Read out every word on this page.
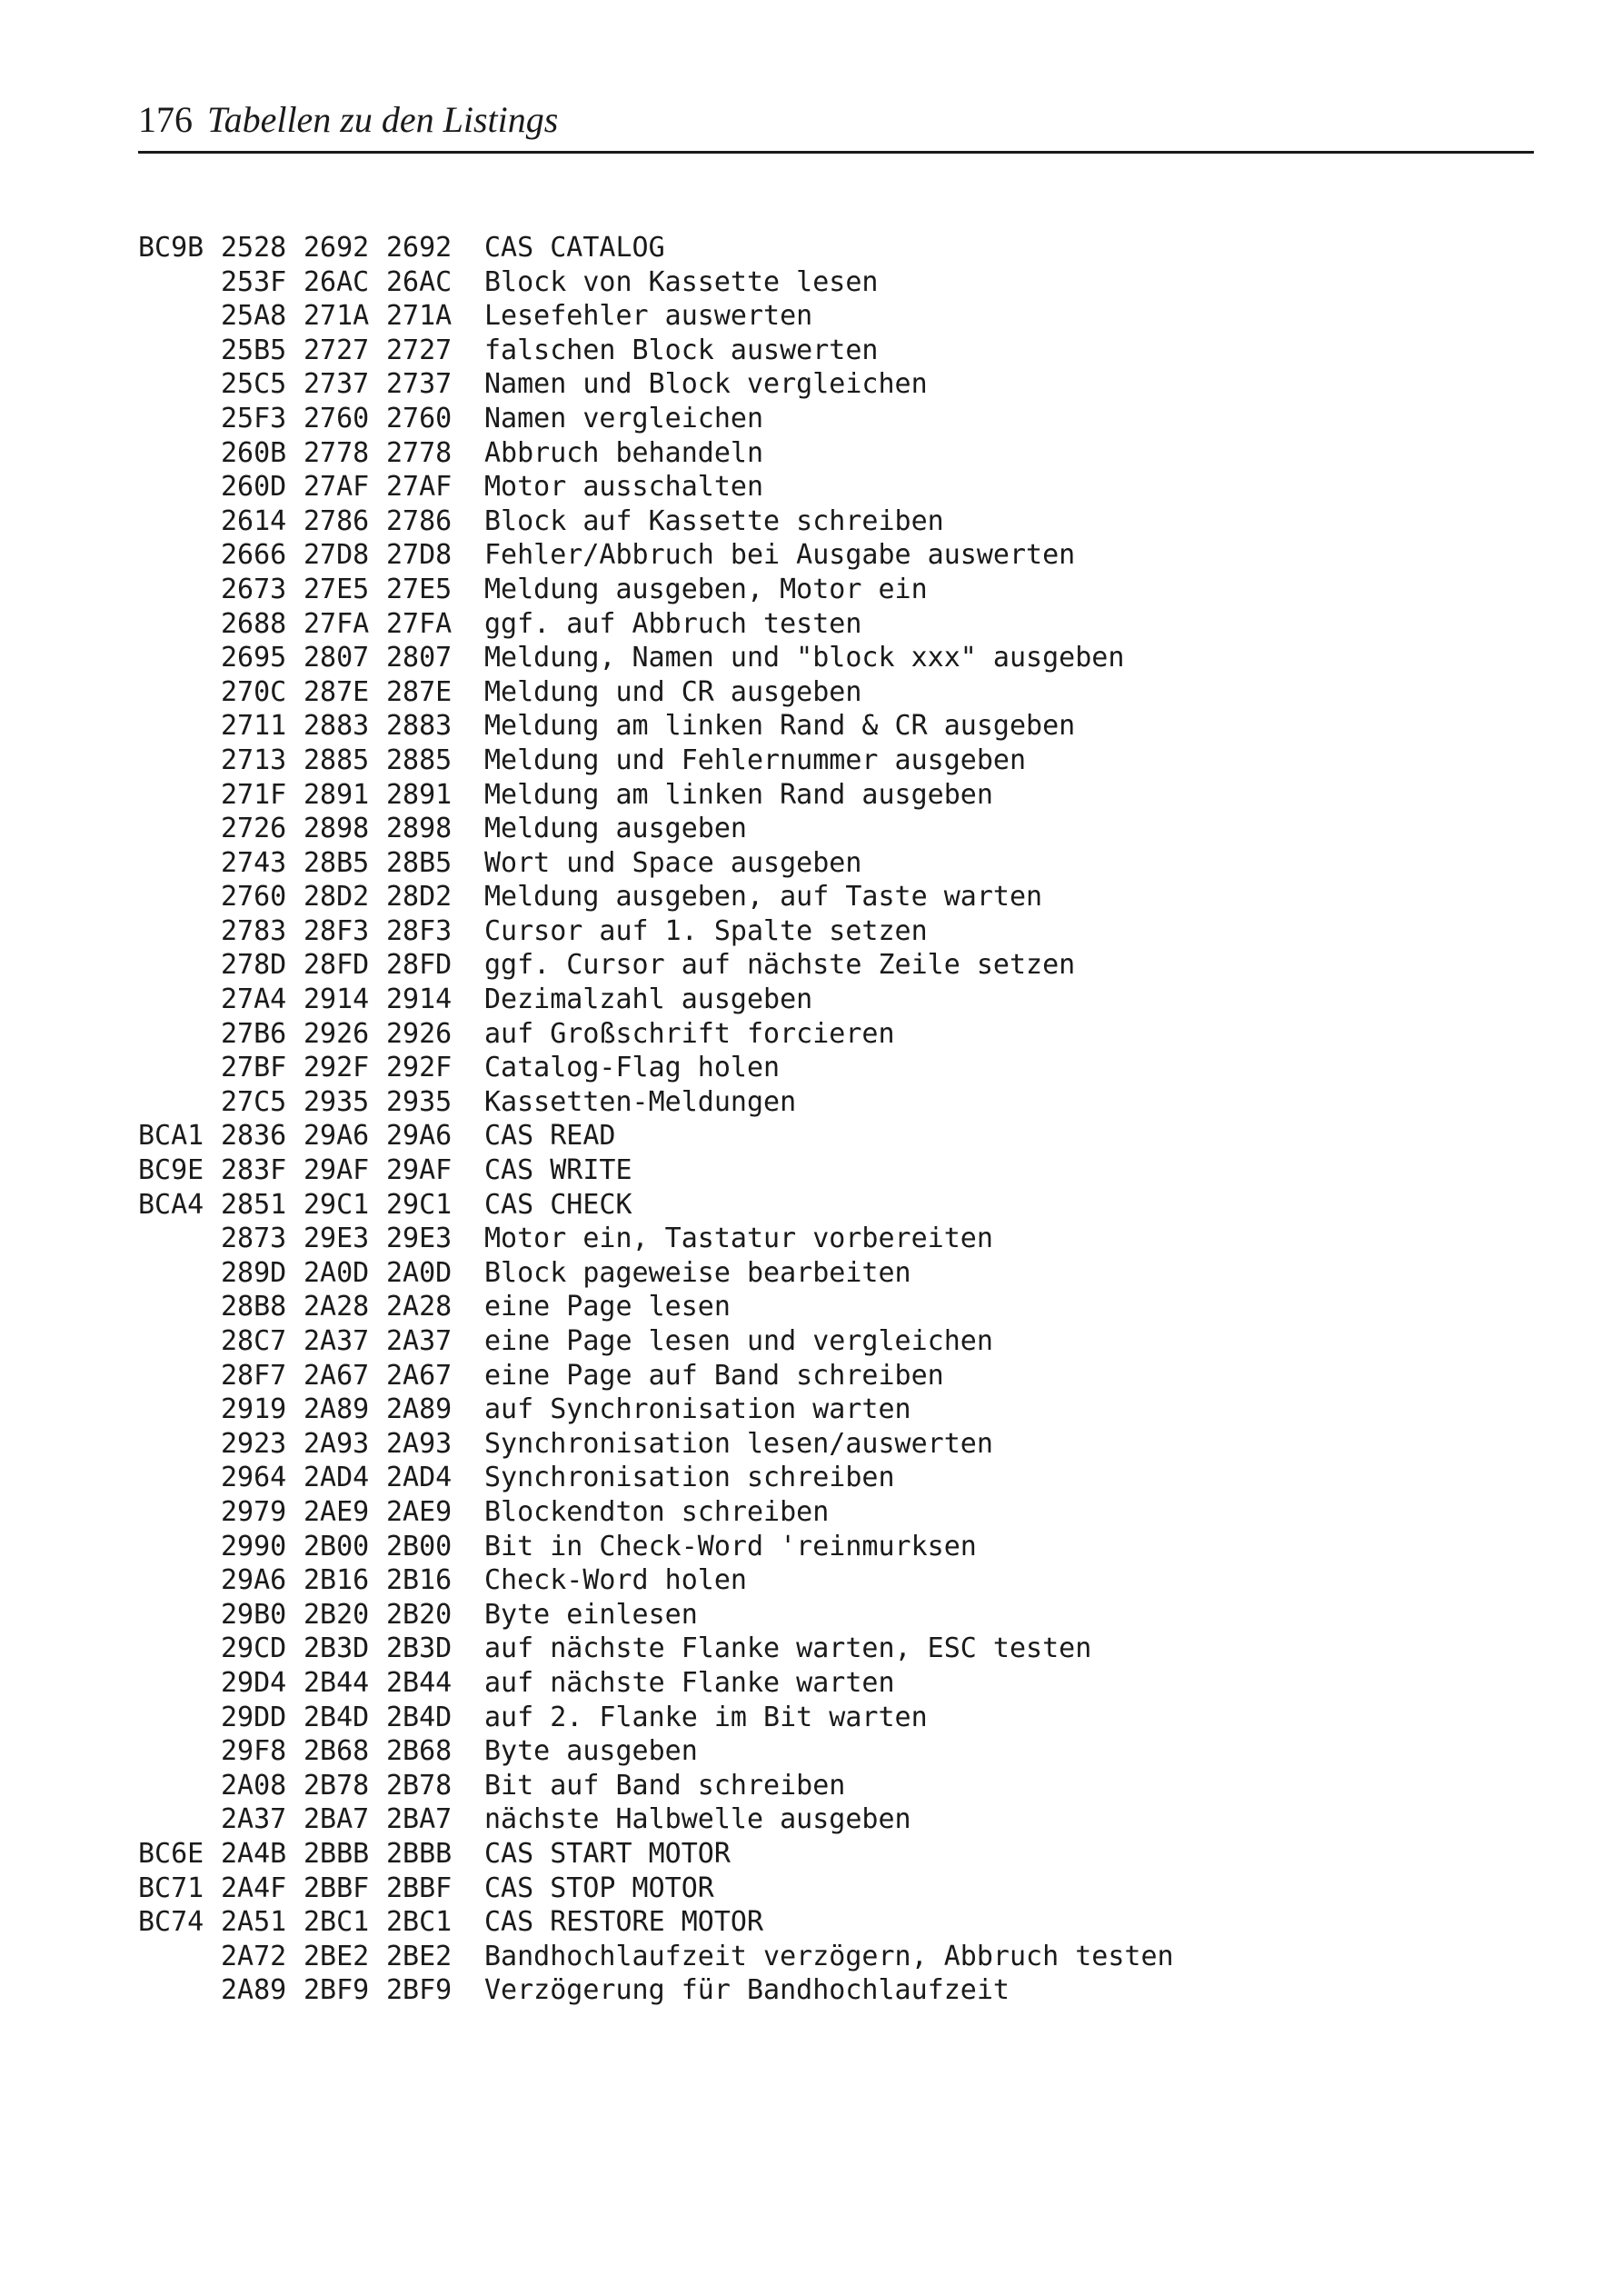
176 Tabellen zu den Listings
BC9B 2528 2692 2692 CAS CATALOG
253F 26AC 26AC Block von Kassette lesen
25A8 271A 271A Lesefehler auswerten
25B5 2727 2727 falschen Block auswerten
25C5 2737 2737 Namen und Block vergleichen
25F3 2760 2760 Namen vergleichen
260B 2778 2778 Abbruch behandeln
260D 27AF 27AF Motor ausschalten
2614 2786 2786 Block auf Kassette schreiben
2666 27D8 27D8 Fehler/Abbruch bei Ausgabe auswerten
2673 27E5 27E5 Meldung ausgeben, Motor ein
2688 27FA 27FA ggf. auf Abbruch testen
2695 2807 2807 Meldung, Namen und "block xxx" ausgeben
270C 287E 287E Meldung und CR ausgeben
2711 2883 2883 Meldung am linken Rand & CR ausgeben
2713 2885 2885 Meldung und Fehlernummer ausgeben
271F 2891 2891 Meldung am linken Rand ausgeben
2726 2898 2898 Meldung ausgeben
2743 28B5 28B5 Wort und Space ausgeben
2760 28D2 28D2 Meldung ausgeben, auf Taste warten
2783 28F3 28F3 Cursor auf 1. Spalte setzen
278D 28FD 28FD ggf. Cursor auf nächste Zeile setzen
27A4 2914 2914 Dezimalzahl ausgeben
27B6 2926 2926 auf Großschrift forcieren
27BF 292F 292F Catalog-Flag holen
27C5 2935 2935 Kassetten-Meldungen
BCA1 2836 29A6 29A6 CAS READ
BC9E 283F 29AF 29AF CAS WRITE
BCA4 2851 29C1 29C1 CAS CHECK
2873 29E3 29E3 Motor ein, Tastatur vorbereiten
289D 2A0D 2A0D Block pageweise bearbeiten
28B8 2A28 2A28 eine Page lesen
28C7 2A37 2A37 eine Page lesen und vergleichen
28F7 2A67 2A67 eine Page auf Band schreiben
2919 2A89 2A89 auf Synchronisation warten
2923 2A93 2A93 Synchronisation lesen/auswerten
2964 2AD4 2AD4 Synchronisation schreiben
2979 2AE9 2AE9 Blockendton schreiben
2990 2B00 2B00 Bit in Check-Word 'reinmurksen
29A6 2B16 2B16 Check-Word holen
29B0 2B20 2B20 Byte einlesen
29CD 2B3D 2B3D auf nächste Flanke warten, ESC testen
29D4 2B44 2B44 auf nächste Flanke warten
29DD 2B4D 2B4D auf 2. Flanke im Bit warten
29F8 2B68 2B68 Byte ausgeben
2A08 2B78 2B78 Bit auf Band schreiben
2A37 2BA7 2BA7 nächste Halbwelle ausgeben
BC6E 2A4B 2BBB 2BBB CAS START MOTOR
BC71 2A4F 2BBF 2BBF CAS STOP MOTOR
BC74 2A51 2BC1 2BC1 CAS RESTORE MOTOR
2A72 2BE2 2BE2 Bandhochlaufzeit verzögern, Abbruch testen
2A89 2BF9 2BF9 Verzögerung für Bandhochlaufzeit
